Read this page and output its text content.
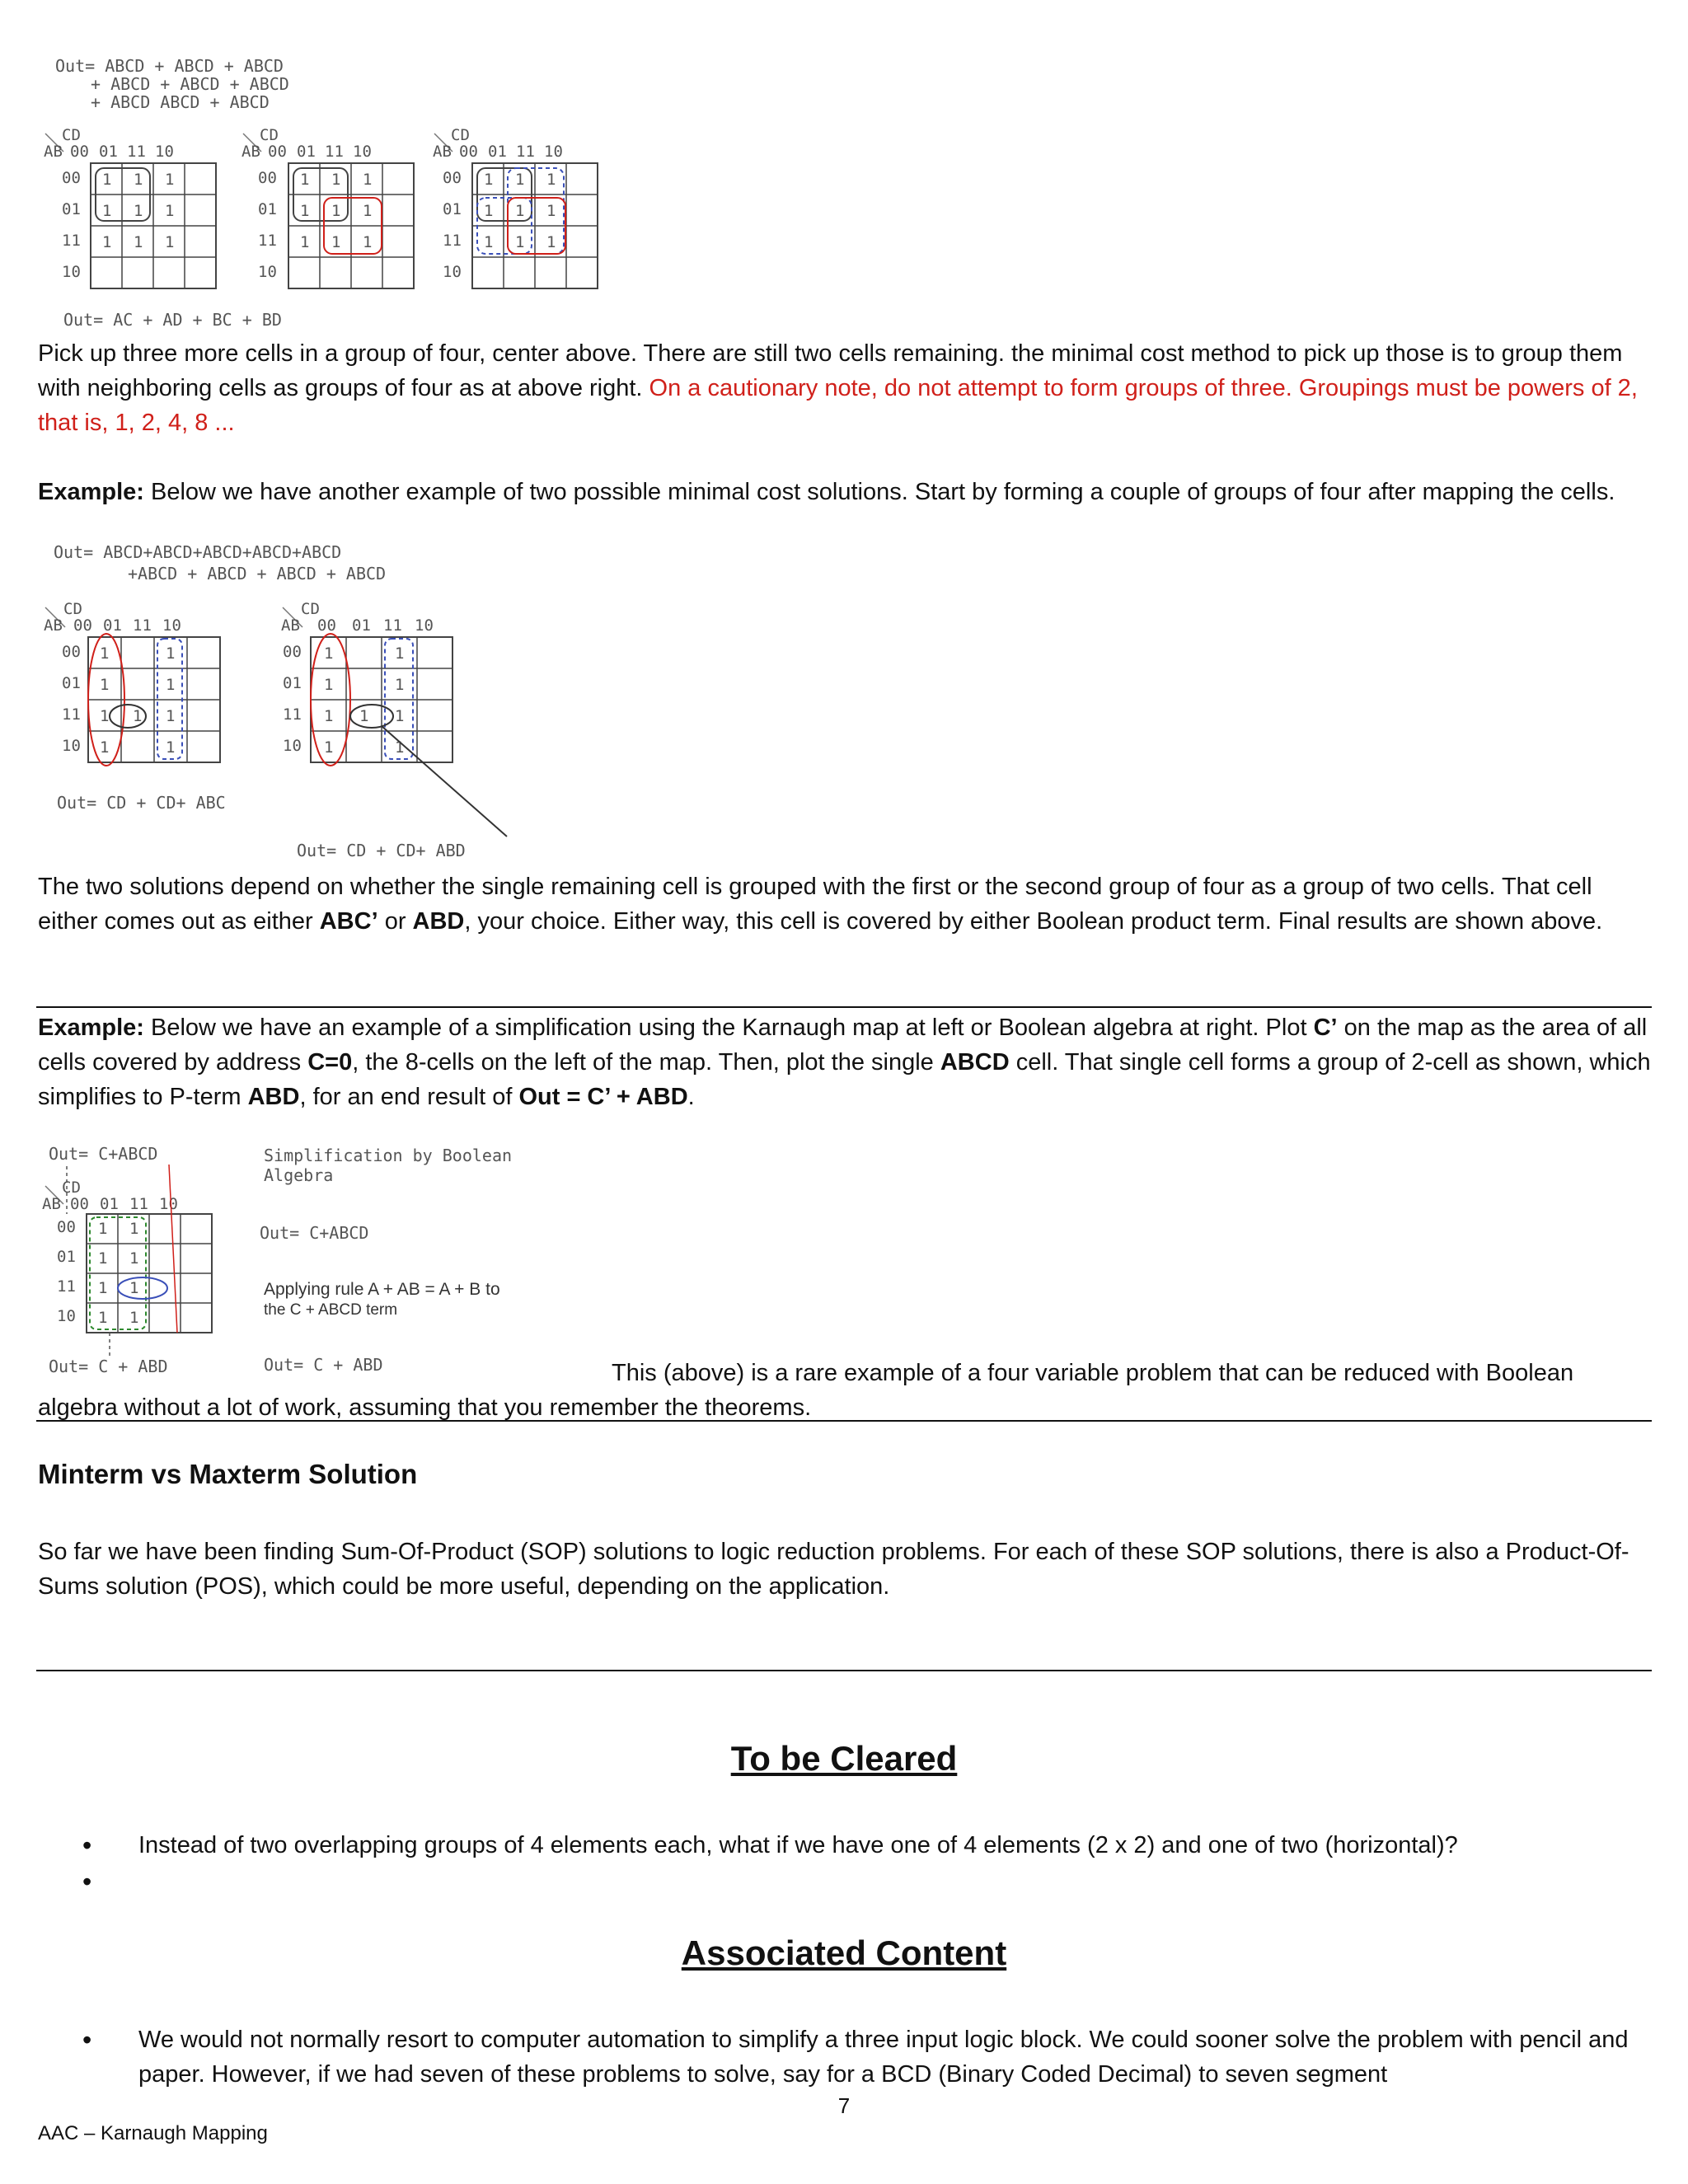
Out= ABCD + ABCD + ABCD
+ ABCD + ABCD + ABCD
+ ABCD ABCD + ABCD
CD
AB 00 01 11 10
00
01
11
10
1 1 1
1 1 1
1 1 1
CD
AB 00 01 11 10
00
01
11
10
1 1 1
1 1 1
1 1 1
CD
AB 00 01 11 10
00
01
11
10
1 1 1
1 1 1
1 1 1
Out= AC + AD + BC + BD
Pick up three more cells in a group of four, center above. There are still two cells remaining. the minimal cost method to pick up those is to group them with neighboring cells as groups of four as at above right. On a cautionary note, do not attempt to form groups of three. Groupings must be powers of 2, that is, 1, 2, 4, 8 ...
Example: Below we have another example of two possible minimal cost solutions. Start by forming a couple of groups of four after mapping the cells.
Out= ABCD+ABCD+ABCD+ABCD+ABCD
+ABCD + ABCD + ABCD + ABCD
CD
AB 00 01 11 10
00
01
11
10
1
1
1
1
1
1
1
1
1
CD
AB 00 01 11 10
00
01
11
10
1
1
1
1
1
1
1
1
1
Out= CD + CD+ ABC
Out= CD + CD+ ABD
The two solutions depend on whether the single remaining cell is grouped with the first or the second group of four as a group of two cells. That cell either comes out as either ABC’ or ABD, your choice. Either way, this cell is covered by either Boolean product term. Final results are shown above.
Example: Below we have an example of a simplification using the Karnaugh map at left or Boolean algebra at right. Plot C’ on the map as the area of all cells covered by address C=0, the 8-cells on the left of the map. Then, plot the single ABCD cell. That single cell forms a group of 2-cell as shown, which simplifies to P-term ABD, for an end result of Out = C’ + ABD.
Out= C+ABCD
CD
AB 00 01 11 10
00
01
11
10
1 1
1 1
1 1
1 1
Out= C + ABD
Simplification by Boolean
Algebra
Out= C+ABCD
Applying rule A + AB = A + B to
the C + ABCD term
Out= C + ABD	This (above) is a rare example of a four variable problem that can be reduced with Boolean algebra without a lot of work, assuming that you remember the theorems.
Minterm vs Maxterm Solution
So far we have been finding Sum-Of-Product (SOP) solutions to logic reduction problems. For each of these SOP solutions, there is also a Product-Of-Sums solution (POS), which could be more useful, depending on the application.
To be Cleared
• Instead of two overlapping groups of 4 elements each, what if we have one of 4 elements (2 x 2) and one of two (horizontal)?
•
Associated Content
• We would not normally resort to computer automation to simplify a three input logic block. We could sooner solve the problem with pencil and paper. However, if we had seven of these problems to solve, say for a BCD (Binary Coded Decimal) to seven segment
7
AAC – Karnaugh Mapping
